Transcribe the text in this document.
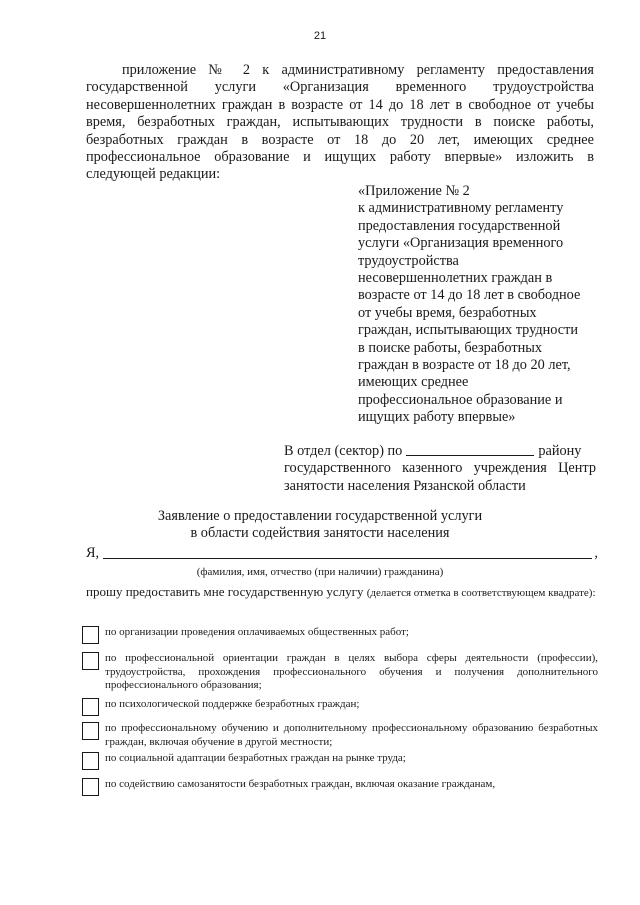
21

приложение № 2 к административному регламенту предоставления государственной услуги «Организация временного трудоустройства несовершеннолетних граждан в возрасте от 14 до 18 лет в свободное от учебы время, безработных граждан, испытывающих трудности в поиске работы, безработных граждан в возрасте от 18 до 20 лет, имеющих среднее профессиональное образование и ищущих работу впервые» изложить в следующей редакции:

«Приложение № 2
к административному регламенту
предоставления государственной
услуги «Организация временного
трудоустройства
несовершеннолетних граждан в
возрасте от 14 до 18 лет в свободное
от учебы время, безработных
граждан, испытывающих трудности
в поиске работы, безработных
граждан в возрасте от 18 до 20 лет,
имеющих среднее
профессиональное образование и
ищущих работу впервые»
В отдел (сектор) по	району
государственного казенного учреждения Центр
занятости населения Рязанской области
Заявление о предоставлении государственной услуги
в области содействия занятости населения
Я,	,
(фамилия, имя, отчество (при наличии) гражданина)
прошу предоставить мне государственную услугу (делается отметка в соответствующем квадрате):
по организации проведения оплачиваемых общественных работ;
по профессиональной ориентации граждан в целях выбора сферы деятельности (профессии), трудоустройства, прохождения профессионального обучения и получения дополнительного профессионального образования;
по психологической поддержке безработных граждан;
по профессиональному обучению и дополнительному профессиональному образованию безработных граждан, включая обучение в другой местности;
по социальной адаптации безработных граждан на рынке труда;
по содействию самозанятости безработных граждан, включая оказание гражданам,
